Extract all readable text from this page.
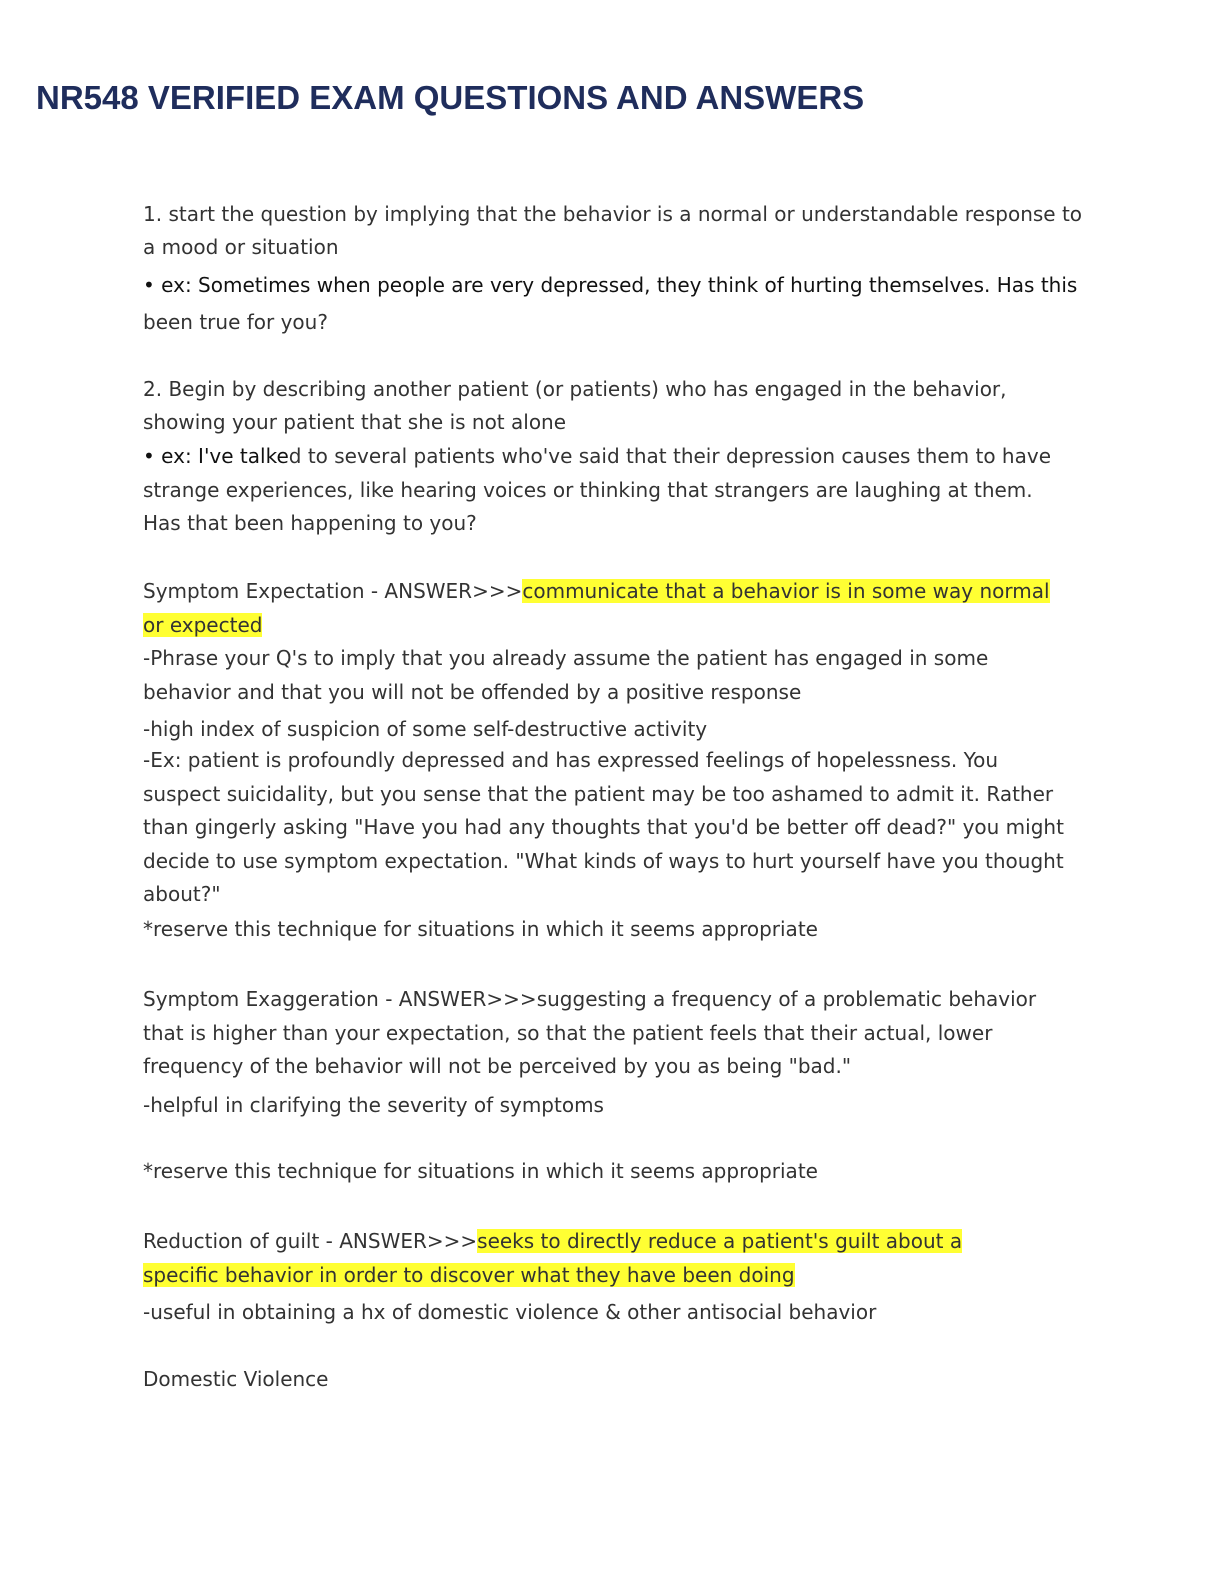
NR548 VERIFIED EXAM QUESTIONS AND ANSWERS

1. start the question by implying that the behavior is a normal or understandable response to

a mood or situation

• ex: Sometimes when people are very depressed, they think of hurting themselves. Has this

been true for you?

2. Begin by describing another patient (or patients) who has engaged in the behavior,

showing your patient that she is not alone

• ex: I've talked to several patients who've said that their depression causes them to have strange experiences, like hearing voices or thinking that strangers are laughing at them. Has that been happening to you?

Symptom Expectation - ANSWER>>>communicate that a behavior is in some way normal or expected

-Phrase your Q's to imply that you already assume the patient has engaged in some behavior and that you will not be offended by a positive response

-high index of suspicion of some self-destructive activity

-Ex: patient is profoundly depressed and has expressed feelings of hopelessness. You suspect suicidality, but you sense that the patient may be too ashamed to admit it. Rather than gingerly asking "Have you had any thoughts that you'd be better off dead?" you might decide to use symptom expectation. "What kinds of ways to hurt yourself have you thought about?"

*reserve this technique for situations in which it seems appropriate

Symptom Exaggeration - ANSWER>>>suggesting a frequency of a problematic behavior that is higher than your expectation, so that the patient feels that their actual, lower frequency of the behavior will not be perceived by you as being "bad."

-helpful in clarifying the severity of symptoms

*reserve this technique for situations in which it seems appropriate

Reduction of guilt - ANSWER>>>seeks to directly reduce a patient's guilt about a specific behavior in order to discover what they have been doing

-useful in obtaining a hx of domestic violence & other antisocial behavior

Domestic Violence
